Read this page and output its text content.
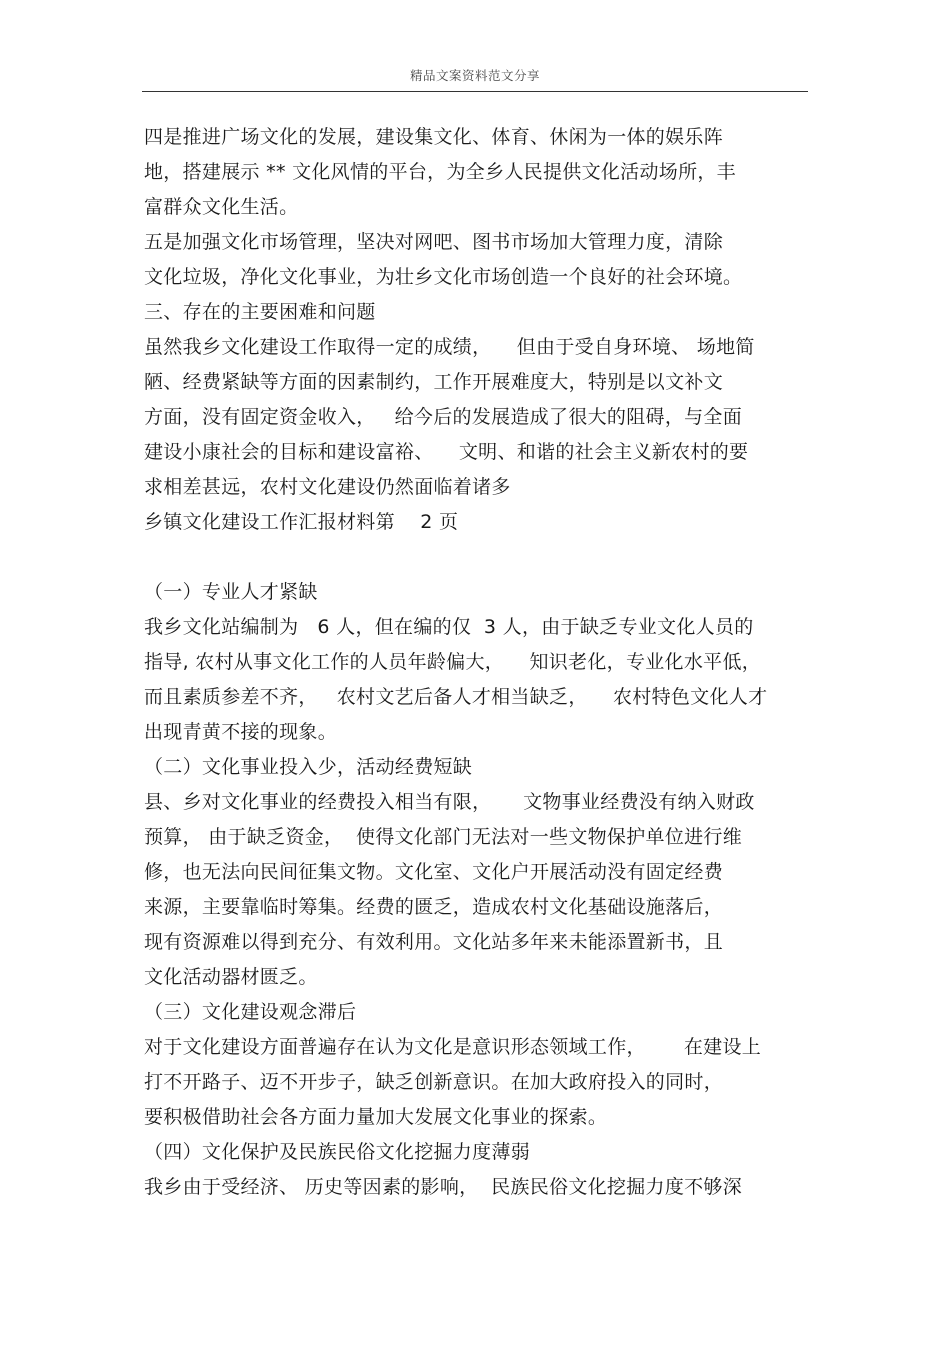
精品文案资料范文分享
四是推进广场文化的发展，建设集文化、体育、休闲为一体的娱乐阵
地，搭建展示 ** 文化风情的平台，为全乡人民提供文化活动场所，丰
富群众文化生活。
五是加强文化市场管理，坚决对网吧、图书市场加大管理力度，清除
文化垃圾，净化文化事业，为壮乡文化市场创造一个良好的社会环境。
三、存在的主要困难和问题
虽然我乡文化建设工作取得一定的成绩，    但由于受自身环境、 场地简
陋、经费紧缺等方面的因素制约，工作开展难度大，特别是以文补文
方面，没有固定资金收入，   给今后的发展造成了很大的阻碍，与全面
建设小康社会的目标和建设富裕、    文明、和谐的社会主义新农村的要
求相差甚远，农村文化建设仍然面临着诸多
乡镇文化建设工作汇报材料第    2 页
（一）专业人才紧缺
我乡文化站编制为   6 人，但在编的仅  3 人，由于缺乏专业文化人员的
指导, 农村从事文化工作的人员年龄偏大，    知识老化，专业化水平低，
而且素质参差不齐，   农村文艺后备人才相当缺乏，    农村特色文化人才
出现青黄不接的现象。
（二）文化事业投入少，活动经费短缺
县、乡对文化事业的经费投入相当有限，     文物事业经费没有纳入财政
预算， 由于缺乏资金，  使得文化部门无法对一些文物保护单位进行维
修，也无法向民间征集文物。文化室、文化户开展活动没有固定经费
来源，主要靠临时筹集。经费的匮乏，造成农村文化基础设施落后，
现有资源难以得到充分、有效利用。文化站多年来未能添置新书，且
文化活动器材匮乏。
（三）文化建设观念滞后
对于文化建设方面普遍存在认为文化是意识形态领域工作，      在建设上
打不开路子、迈不开步子，缺乏创新意识。在加大政府投入的同时，
要积极借助社会各方面力量加大发展文化事业的探索。
（四）文化保护及民族民俗文化挖掘力度薄弱
我乡由于受经济、 历史等因素的影响，  民族民俗文化挖掘力度不够深
